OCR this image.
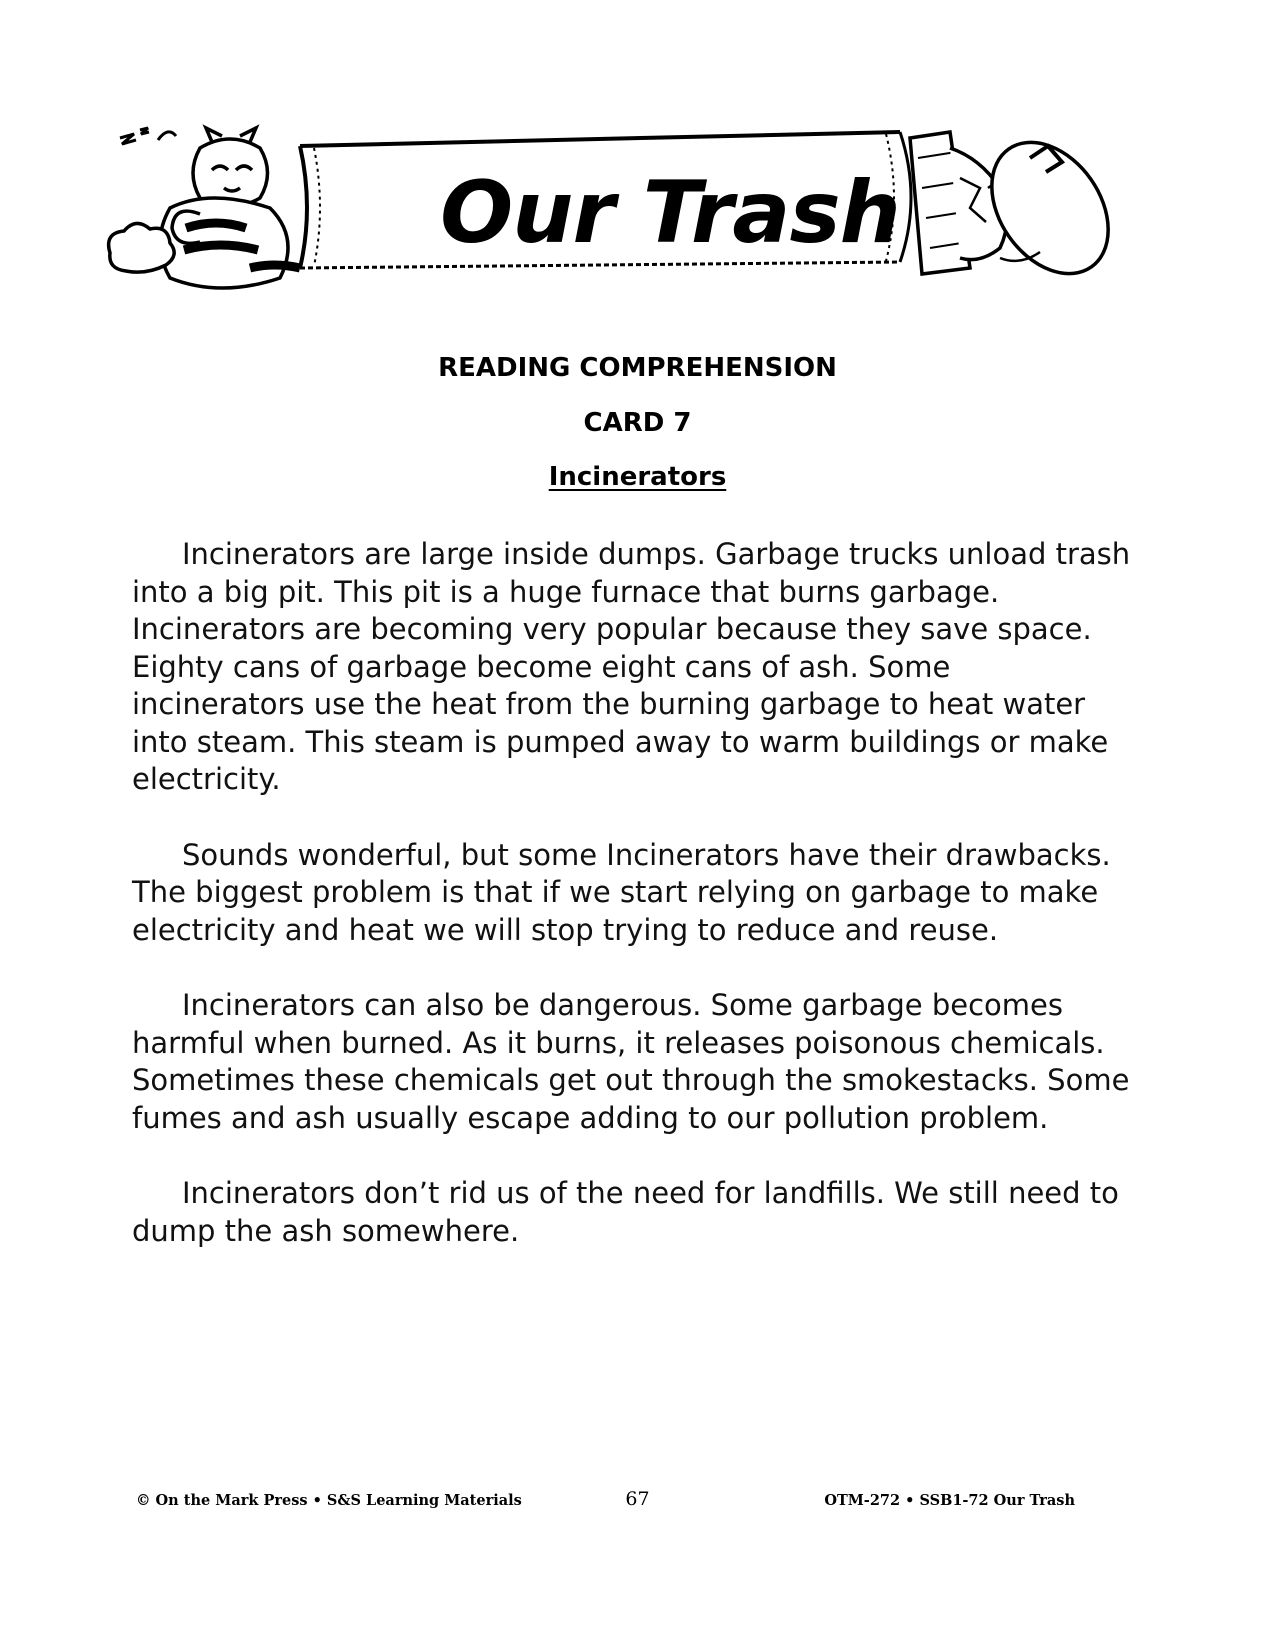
Our Trash
READING COMPREHENSION
CARD 7
Incinerators

Incinerators are large inside dumps. Garbage trucks unload trash into a big pit. This pit is a huge furnace that burns garbage. Incinerators are becoming very popular because they save space. Eighty cans of garbage become eight cans of ash. Some incinerators use the heat from the burning garbage to heat water into steam. This steam is pumped away to warm buildings or make electricity.

Sounds wonderful, but some Incinerators have their drawbacks. The biggest problem is that if we start relying on garbage to make electricity and heat we will stop trying to reduce and reuse.

Incinerators can also be dangerous. Some garbage becomes harmful when burned. As it burns, it releases poisonous chemicals. Sometimes these chemicals get out through the smokestacks. Some fumes and ash usually escape adding to our pollution problem.

Incinerators don’t rid us of the need for landfills. We still need to dump the ash somewhere.

© On the Mark Press • S&S Learning Materials	67	OTM-272 • SSB1-72 Our Trash
